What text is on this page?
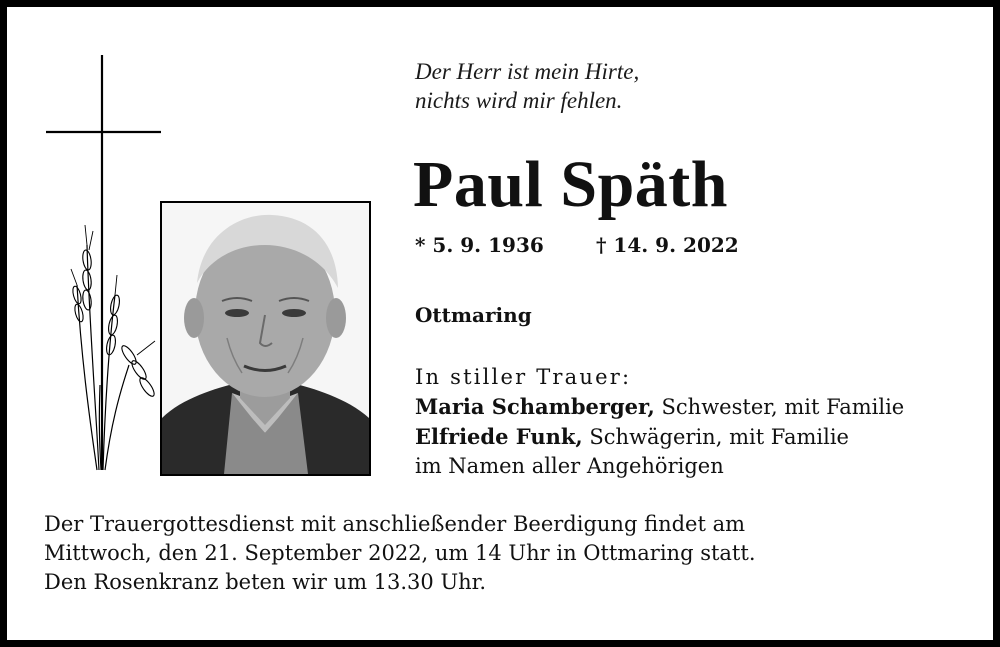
Der Herr ist mein Hirte,
nichts wird mir fehlen.
Paul Späth
* 5. 9. 1936	† 14. 9. 2022
Ottmaring
In stiller Trauer:
Maria Schamberger, Schwester, mit Familie
Elfriede Funk, Schwägerin, mit Familie
im Namen aller Angehörigen
Der Trauergottesdienst mit anschließender Beerdigung findet am
Mittwoch, den 21. September 2022, um 14 Uhr in Ottmaring statt.
Den Rosenkranz beten wir um 13.30 Uhr.
